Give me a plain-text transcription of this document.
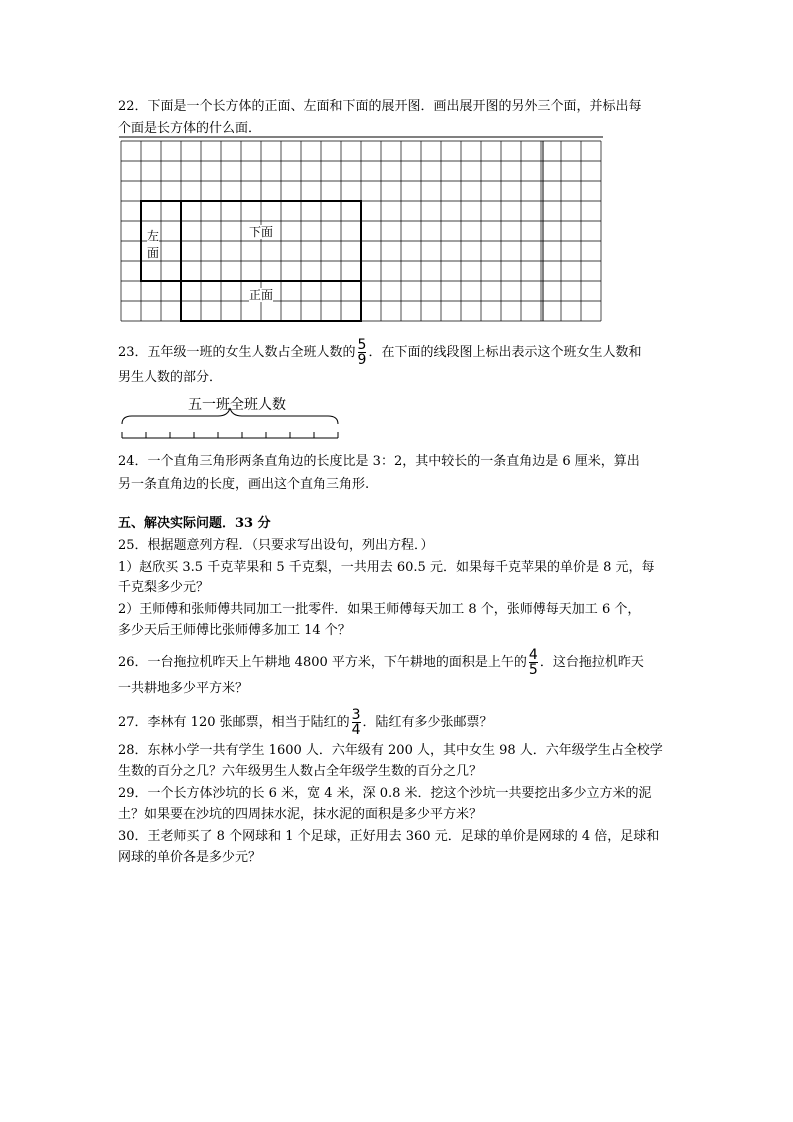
22．下面是一个长方体的正面、左面和下面的展开图．画出展开图的另外三个面，并标出每
个面是长方体的什么面．
左
面
下面
正面
23．五年级一班的女生人数占全班人数的 $\frac{5}{9}$ ．在下面的线段图上标出表示这个班女生人数和
男生人数的部分．
五一班全班人数
24．一个直角三角形两条直角边的长度比是 3：2，其中较长的一条直角边是 6 厘米，算出
另一条直角边的长度，画出这个直角三角形.
五、解决实际问题．33 分
25．根据题意列方程．（只要求写出设句，列出方程．）
1）赵欣买 3.5 千克苹果和 5 千克梨，一共用去 60.5 元．如果每千克苹果的单价是 8 元，每
千克梨多少元？
2）王师傅和张师傅共同加工一批零件．如果王师傅每天加工 8 个，张师傅每天加工 6 个，
多少天后王师傅比张师傅多加工 14 个？
26．一台拖拉机昨天上午耕地 4800 平方米，下午耕地的面积是上午的 $\frac{4}{5}$ ．这台拖拉机昨天
一共耕地多少平方米？
27．李林有 120 张邮票，相当于陆红的 $\frac{3}{4}$ ．陆红有多少张邮票？
28．东林小学一共有学生 1600 人．六年级有 200 人，其中女生 98 人．六年级学生占全校学
生数的百分之几？六年级男生人数占全年级学生数的百分之几？
29．一个长方体沙坑的长 6 米，宽 4 米，深 0.8 米．挖这个沙坑一共要挖出多少立方米的泥
土？如果要在沙坑的四周抹水泥，抹水泥的面积是多少平方米？
30．王老师买了 8 个网球和 1 个足球，正好用去 360 元．足球的单价是网球的 4 倍，足球和
网球的单价各是多少元？
